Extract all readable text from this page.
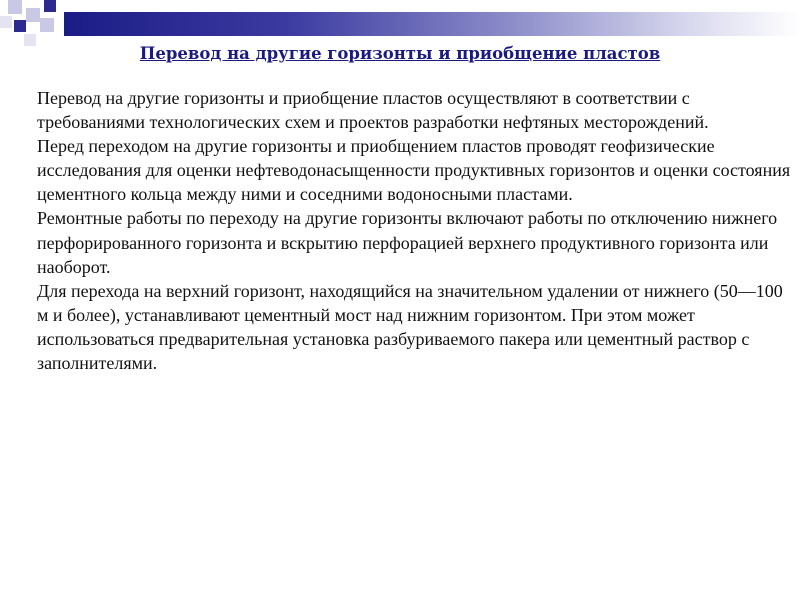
Перевод на другие горизонты и приобщение пластов

Перевод на другие горизонты и приобщение пластов осуществляют в соответствии с требованиями технологических схем и проектов разработки нефтяных месторождений.

Перед переходом на другие горизонты и приобщением пластов проводят геофизические исследования для оценки нефтеводонасыщенности продуктивных горизонтов и оценки состояния цементного кольца между ними и соседними водоносными пластами.

Ремонтные работы по переходу на другие горизонты включают работы по отключению нижнего перфорированного горизонта и вскрытию перфорацией верхнего продуктивного горизонта или наоборот.

Для перехода на верхний горизонт, находящийся на значительном удалении от нижнего (50—100 м и более), устанавливают цементный мост над нижним горизонтом. При этом может использоваться предварительная установка разбуриваемого пакера или цементный раствор с заполнителями.
